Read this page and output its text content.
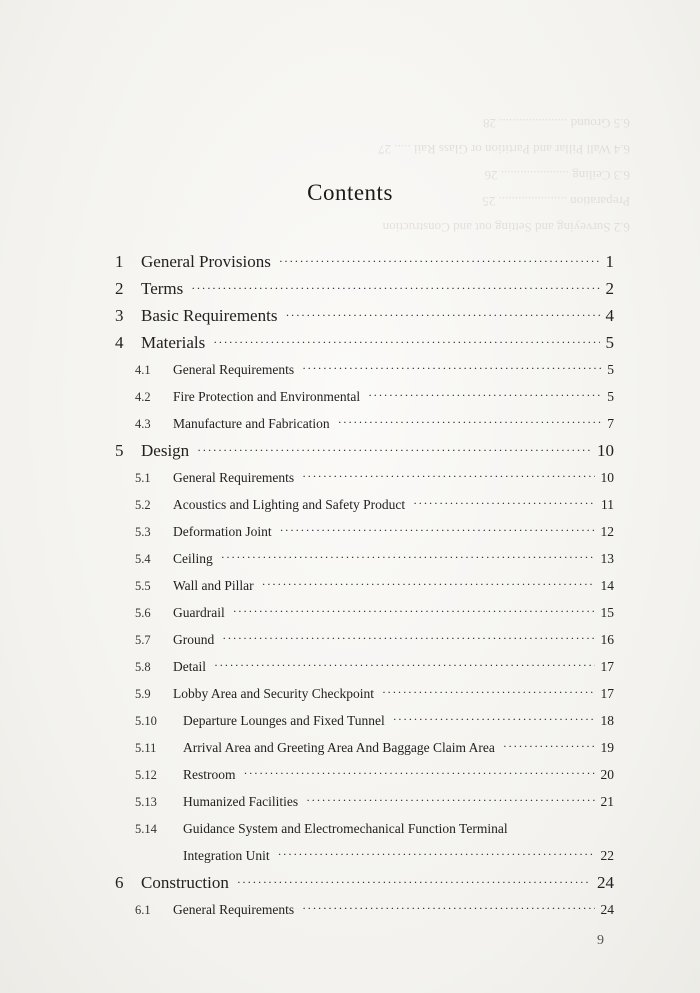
6.2 Surveying and Setting out and Construction
Preparation ..................... 25
6.3 Ceiling ..................... 26
6.4 Wall Pillar and Partition or Glass Rail ..... 27
6.5 Ground ..................... 28
Contents
1	General Provisions ·····	1
2	Terms ·····	2
3	Basic Requirements ·····	4
4	Materials ·····	5
4.1	General Requirements ·····	5
4.2	Fire Protection and Environmental ·····	5
4.3	Manufacture and Fabrication ·····	7
5	Design ·····	10
5.1	General Requirements ·····	10
5.2	Acoustics and Lighting and Safety Product ·····	11
5.3	Deformation Joint ·····	12
5.4	Ceiling ·····	13
5.5	Wall and Pillar ·····	14
5.6	Guardrail ·····	15
5.7	Ground ·····	16
5.8	Detail ·····	17
5.9	Lobby Area and Security Checkpoint ·····	17
5.10	Departure Lounges and Fixed Tunnel ·····	18
5.11	Arrival Area and Greeting Area And Baggage Claim Area ·····	19
5.12	Restroom ·····	20
5.13	Humanized Facilities ·····	21
5.14	Guidance System and Electromechanical Function Terminal
Integration Unit ·····	22
6	Construction ·····	24
6.1	General Requirements ·····	24
9
